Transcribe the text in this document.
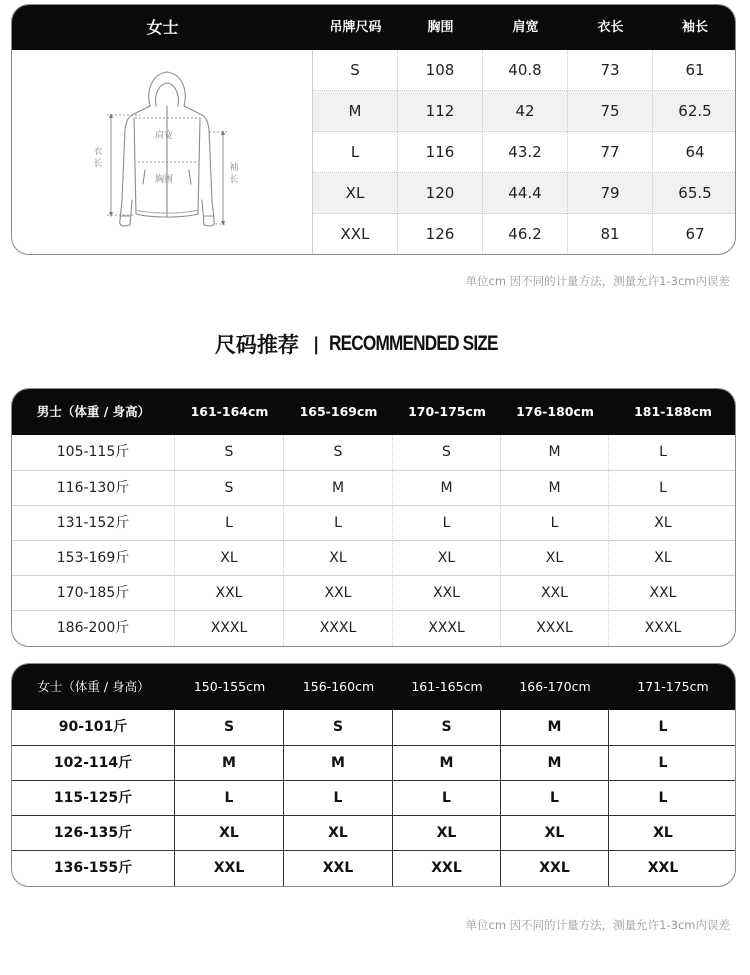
女士	吊牌尺码	胸围	肩宽	衣长	袖长
衣
长	袖
长
肩宽
胸围
S	108	40.8	73	61
M	112	42	75	62.5
L	116	43.2	77	64
XL	120	44.4	79	65.5
XXL	126	46.2	81	67
单位cm 因不同的计量方法，测量允许1-3cm内误差
尺码推荐 | RECOMMENDED SIZE
男士（体重 / 身高）	161-164cm	165-169cm	170-175cm	176-180cm	181-188cm
105-115斤	S	S	S	M	L
116-130斤	S	M	M	M	L
131-152斤	L	L	L	L	XL
153-169斤	XL	XL	XL	XL	XL
170-185斤	XXL	XXL	XXL	XXL	XXL
186-200斤	XXXL	XXXL	XXXL	XXXL	XXXL
女士（体重 / 身高）	150-155cm	156-160cm	161-165cm	166-170cm	171-175cm
90-101斤	S	S	S	M	L
102-114斤	M	M	M	M	L
115-125斤	L	L	L	L	L
126-135斤	XL	XL	XL	XL	XL
136-155斤	XXL	XXL	XXL	XXL	XXL
单位cm 因不同的计量方法，测量允许1-3cm内误差
